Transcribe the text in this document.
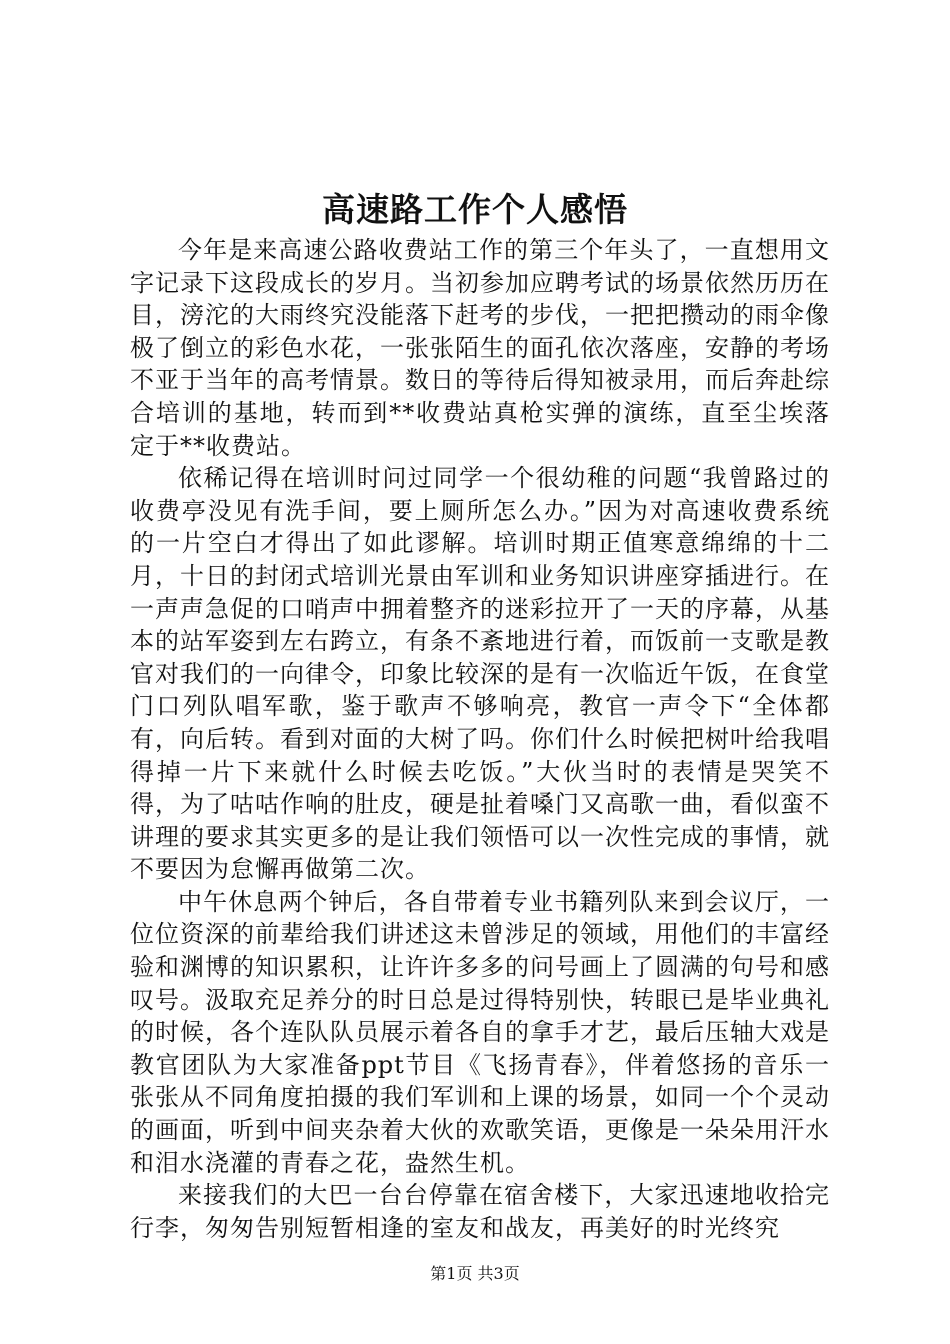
高速路工作个人感悟

今年是来高速公路收费站工作的第三个年头了，一直想用文字记录下这段成长的岁月。当初参加应聘考试的场景依然历历在目，滂沱的大雨终究没能落下赶考的步伐，一把把攒动的雨伞像极了倒立的彩色水花，一张张陌生的面孔依次落座，安静的考场不亚于当年的高考情景。数日的等待后得知被录用，而后奔赴综合培训的基地，转而到**收费站真枪实弹的演练，直至尘埃落定于**收费站。

依稀记得在培训时问过同学一个很幼稚的问题“我曾路过的收费亭没见有洗手间，要上厕所怎么办。”因为对高速收费系统的一片空白才得出了如此谬解。培训时期正值寒意绵绵的十二月，十日的封闭式培训光景由军训和业务知识讲座穿插进行。在一声声急促的口哨声中拥着整齐的迷彩拉开了一天的序幕，从基本的站军姿到左右跨立，有条不紊地进行着，而饭前一支歌是教官对我们的一向律令，印象比较深的是有一次临近午饭，在食堂门口列队唱军歌，鉴于歌声不够响亮，教官一声令下“全体都有，向后转。看到对面的大树了吗。你们什么时候把树叶给我唱得掉一片下来就什么时候去吃饭。”大伙当时的表情是哭笑不得，为了咕咕作响的肚皮，硬是扯着嗓门又高歌一曲，看似蛮不讲理的要求其实更多的是让我们领悟可以一次性完成的事情，就不要因为怠懈再做第二次。

中午休息两个钟后，各自带着专业书籍列队来到会议厅，一位位资深的前辈给我们讲述这未曾涉足的领域，用他们的丰富经验和渊博的知识累积，让许许多多的问号画上了圆满的句号和感叹号。汲取充足养分的时日总是过得特别快，转眼已是毕业典礼的时候，各个连队队员展示着各自的拿手才艺，最后压轴大戏是教官团队为大家准备ppt节目《飞扬青春》，伴着悠扬的音乐一张张从不同角度拍摄的我们军训和上课的场景，如同一个个灵动的画面，听到中间夹杂着大伙的欢歌笑语，更像是一朵朵用汗水和泪水浇灌的青春之花，盎然生机。

来接我们的大巴一台台停靠在宿舍楼下，大家迅速地收拾完行李，匆匆告别短暂相逢的室友和战友，再美好的时光终究

第1页 共3页
